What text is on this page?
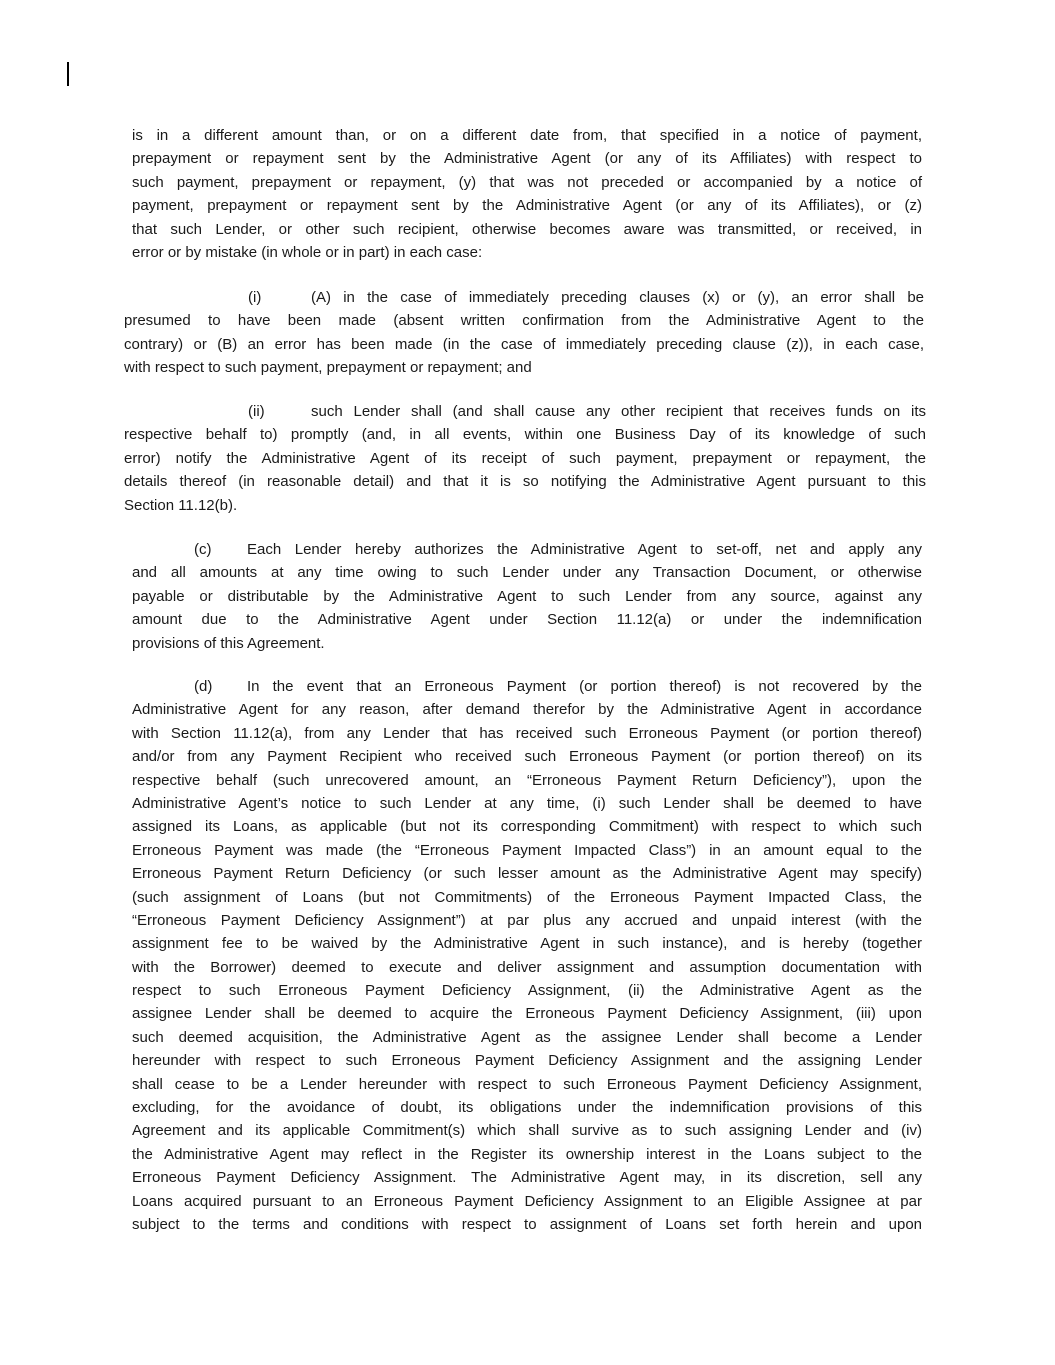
is in a different amount than, or on a different date from, that specified in a notice of payment,
prepayment or repayment sent by the Administrative Agent (or any of its Affiliates) with respect to
such payment, prepayment or repayment, (y) that was not preceded or accompanied by a notice of
payment, prepayment or repayment sent by the Administrative Agent (or any of its Affiliates), or (z)
that such Lender, or other such recipient, otherwise becomes aware was transmitted, or received, in
error or by mistake (in whole or in part) in each case:
(i)	(A) in the case of immediately preceding clauses (x) or (y), an error shall be
presumed to have been made (absent written confirmation from the Administrative Agent to the
contrary) or (B) an error has been made (in the case of immediately preceding clause (z)), in each case,
with respect to such payment, prepayment or repayment; and
(ii)	such Lender shall (and shall cause any other recipient that receives funds on its
respective behalf to) promptly (and, in all events, within one Business Day of its knowledge of such
error) notify the Administrative Agent of its receipt of such payment, prepayment or repayment, the
details thereof (in reasonable detail) and that it is so notifying the Administrative Agent pursuant to this
Section 11.12(b).
(c) Each Lender hereby authorizes the Administrative Agent to set-off, net and apply any
and all amounts at any time owing to such Lender under any Transaction Document, or otherwise
payable or distributable by the Administrative Agent to such Lender from any source, against any
amount due to the Administrative Agent under Section 11.12(a) or under the indemnification
provisions of this Agreement.
(d) In the event that an Erroneous Payment (or portion thereof) is not recovered by the
Administrative Agent for any reason, after demand therefor by the Administrative Agent in accordance
with Section 11.12(a), from any Lender that has received such Erroneous Payment (or portion thereof)
and/or from any Payment Recipient who received such Erroneous Payment (or portion thereof) on its
respective behalf (such unrecovered amount, an “Erroneous Payment Return Deficiency”), upon the
Administrative Agent’s notice to such Lender at any time, (i) such Lender shall be deemed to have
assigned its Loans, as applicable (but not its corresponding Commitment) with respect to which such
Erroneous Payment was made (the “Erroneous Payment Impacted Class”) in an amount equal to the
Erroneous Payment Return Deficiency (or such lesser amount as the Administrative Agent may specify)
(such assignment of Loans (but not Commitments) of the Erroneous Payment Impacted Class, the
“Erroneous Payment Deficiency Assignment”) at par plus any accrued and unpaid interest (with the
assignment fee to be waived by the Administrative Agent in such instance), and is hereby (together
with the Borrower) deemed to execute and deliver assignment and assumption documentation with
respect to such Erroneous Payment Deficiency Assignment, (ii) the Administrative Agent as the
assignee Lender shall be deemed to acquire the Erroneous Payment Deficiency Assignment, (iii) upon
such deemed acquisition, the Administrative Agent as the assignee Lender shall become a Lender
hereunder with respect to such Erroneous Payment Deficiency Assignment and the assigning Lender
shall cease to be a Lender hereunder with respect to such Erroneous Payment Deficiency Assignment,
excluding, for the avoidance of doubt, its obligations under the indemnification provisions of this
Agreement and its applicable Commitment(s) which shall survive as to such assigning Lender and (iv)
the Administrative Agent may reflect in the Register its ownership interest in the Loans subject to the
Erroneous Payment Deficiency Assignment. The Administrative Agent may, in its discretion, sell any
Loans acquired pursuant to an Erroneous Payment Deficiency Assignment to an Eligible Assignee at par
subject to the terms and conditions with respect to assignment of Loans set forth herein and upon
